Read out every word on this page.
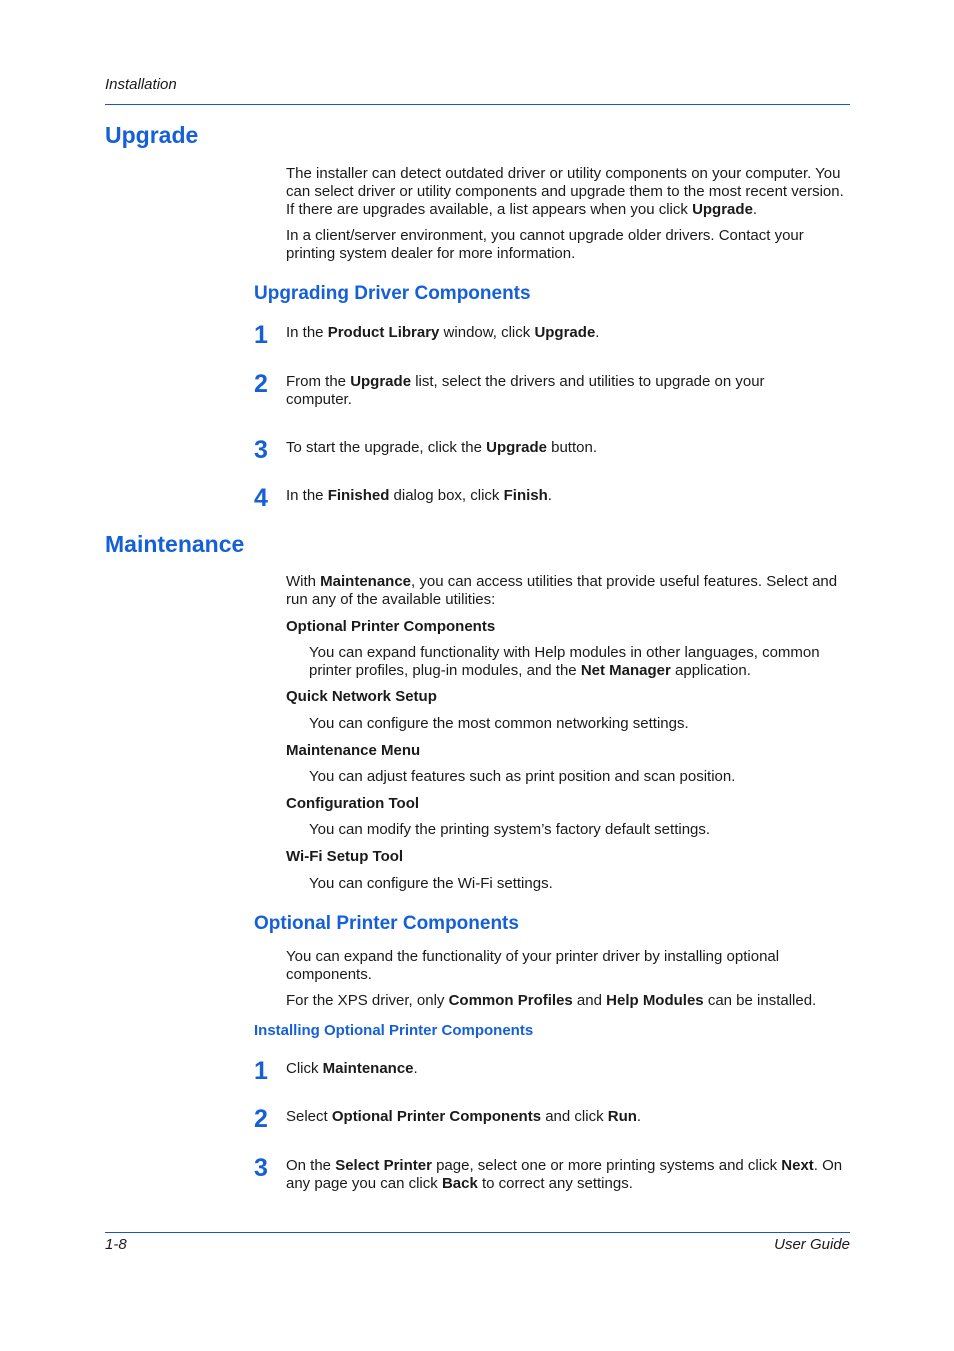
Installation
Upgrade
The installer can detect outdated driver or utility components on your computer. You can select driver or utility components and upgrade them to the most recent version. If there are upgrades available, a list appears when you click Upgrade.
In a client/server environment, you cannot upgrade older drivers. Contact your printing system dealer for more information.
Upgrading Driver Components
1 In the Product Library window, click Upgrade.
2 From the Upgrade list, select the drivers and utilities to upgrade on your computer.
3 To start the upgrade, click the Upgrade button.
4 In the Finished dialog box, click Finish.
Maintenance
With Maintenance, you can access utilities that provide useful features. Select and run any of the available utilities:
Optional Printer Components
You can expand functionality with Help modules in other languages, common printer profiles, plug-in modules, and the Net Manager application.
Quick Network Setup
You can configure the most common networking settings.
Maintenance Menu
You can adjust features such as print position and scan position.
Configuration Tool
You can modify the printing system’s factory default settings.
Wi-Fi Setup Tool
You can configure the Wi-Fi settings.
Optional Printer Components
You can expand the functionality of your printer driver by installing optional components.
For the XPS driver, only Common Profiles and Help Modules can be installed.
Installing Optional Printer Components
1 Click Maintenance.
2 Select Optional Printer Components and click Run.
3 On the Select Printer page, select one or more printing systems and click Next. On any page you can click Back to correct any settings.
1-8	User Guide
